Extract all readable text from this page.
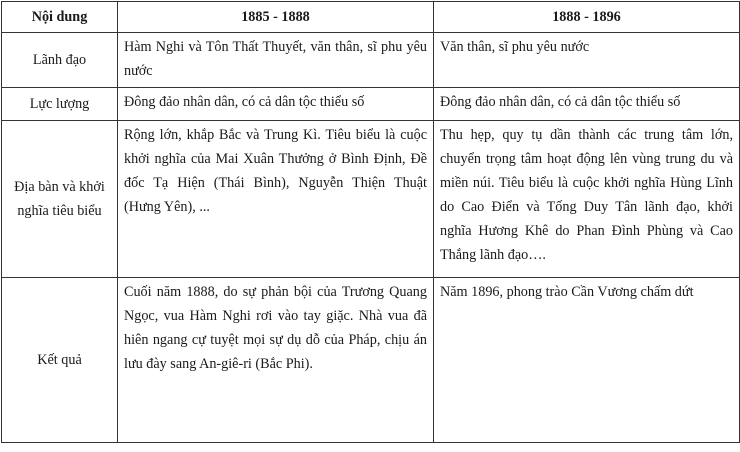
Nội dung	1885 - 1888	1888 - 1896
Lãnh đạo	Hàm Nghi và Tôn Thất Thuyết, văn thân, sĩ phu yêu nước	Văn thân, sĩ phu yêu nước
Lực lượng	Đông đảo nhân dân, có cả dân tộc thiểu số	Đông đảo nhân dân, có cả dân tộc thiểu số
Địa bàn và khởi nghĩa tiêu biểu	Rộng lớn, khắp Bắc và Trung Kì. Tiêu biểu là cuộc khởi nghĩa của Mai Xuân Thưởng ở Bình Định, Đề đốc Tạ Hiện (Thái Bình), Nguyễn Thiện Thuật (Hưng Yên), ...	Thu hẹp, quy tụ dần thành các trung tâm lớn, chuyển trọng tâm hoạt động lên vùng trung du và miền núi. Tiêu biểu là cuộc khởi nghĩa Hùng Lĩnh do Cao Điển và Tống Duy Tân lãnh đạo, khởi nghĩa Hương Khê do Phan Đình Phùng và Cao Thắng lãnh đạo….
Kết quả	Cuối năm 1888, do sự phản bội của Trương Quang Ngọc, vua Hàm Nghi rơi vào tay giặc. Nhà vua đã hiên ngang cự tuyệt mọi sự dụ dỗ của Pháp, chịu án lưu đày sang An-giê-ri (Bắc Phi).	Năm 1896, phong trào Cần Vương chấm dứt
